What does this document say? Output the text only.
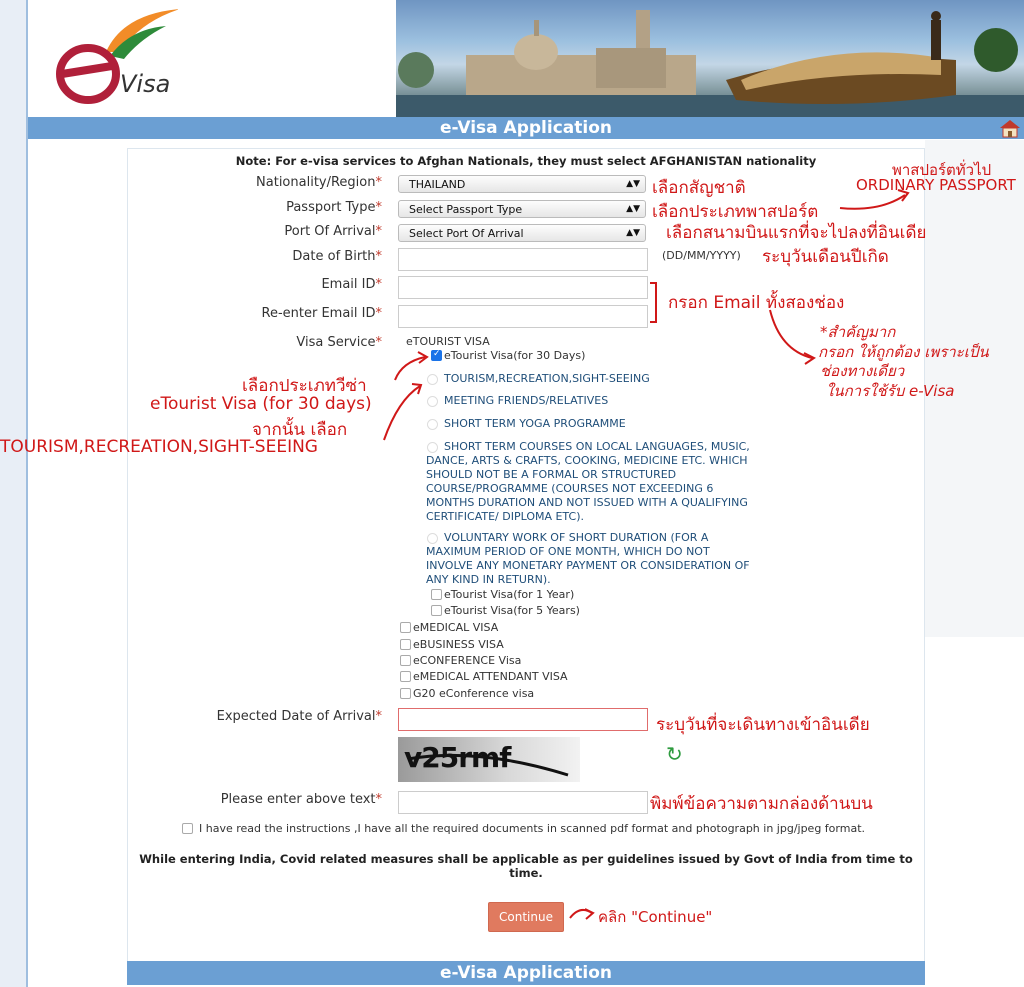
Visa
e-Visa Application
Note: For e-visa services to Afghan Nationals, they must select AFGHANISTAN nationality
Nationality/Region*	THAILAND	▲▼
Passport Type*	Select Passport Type	▲▼
Port Of Arrival*	Select Port Of Arrival	▲▼
Date of Birth*	(DD/MM/YYYY)
Email ID*
Re-enter Email ID*
Visa Service* eTOURIST VISA
✓
eTourist Visa(for 30 Days)
TOURISM,RECREATION,SIGHT-SEEING
MEETING FRIENDS/RELATIVES
SHORT TERM YOGA PROGRAMME
SHORT TERM COURSES ON LOCAL LANGUAGES, MUSIC, DANCE, ARTS & CRAFTS, COOKING, MEDICINE ETC. WHICH SHOULD NOT BE A FORMAL OR STRUCTURED COURSE/PROGRAMME (COURSES NOT EXCEEDING 6 MONTHS DURATION AND NOT ISSUED WITH A QUALIFYING CERTIFICATE/ DIPLOMA ETC).
VOLUNTARY WORK OF SHORT DURATION (FOR A MAXIMUM PERIOD OF ONE MONTH, WHICH DO NOT INVOLVE ANY MONETARY PAYMENT OR CONSIDERATION OF ANY KIND IN RETURN).
eTourist Visa(for 1 Year)
eTourist Visa(for 5 Years)
eMEDICAL VISA
eBUSINESS VISA
eCONFERENCE Visa
eMEDICAL ATTENDANT VISA
G20 eConference visa
Expected Date of Arrival*
v25rmf	↻
Please enter above text*
I have read the instructions ,I have all the required documents in scanned pdf format and photograph in jpg/jpeg format.
While entering India, Covid related measures shall be applicable as per guidelines issued by Govt of India from time to time.
Continue
e-Visa Application
พาสปอร์ตทั่วไป
ORDINARY PASSPORT
เลือกสัญชาติ
เลือกประเภทพาสปอร์ต
เลือกสนามบินแรกที่จะไปลงที่อินเดีย
ระบุวันเดือนปีเกิด
กรอก Email ทั้งสองช่อง
*สำคัญมาก
กรอก ให้ถูกต้อง เพราะเป็น
ช่องทางเดียว
ในการใช้รับ e-Visa
เลือกประเภทวีซ่า
eTourist Visa (for 30 days)
จากนั้น เลือก
TOURISM,RECREATION,SIGHT-SEEING
ระบุวันที่จะเดินทางเข้าอินเดีย
พิมพ์ข้อความตามกล่องด้านบน
คลิก "Continue"
